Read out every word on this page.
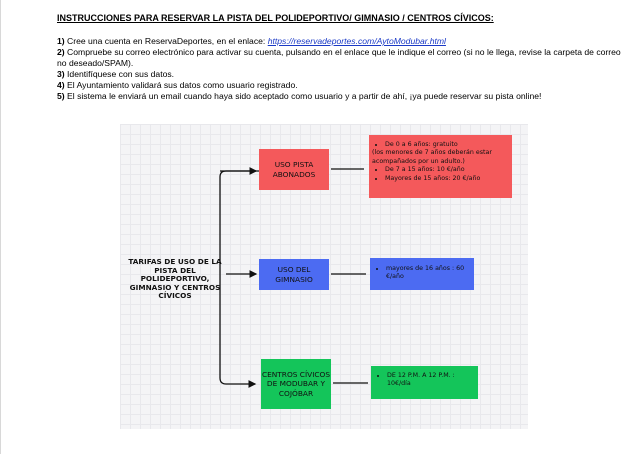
INSTRUCCIONES PARA RESERVAR LA PISTA DEL POLIDEPORTIVO/ GIMNASIO / CENTROS CÍVICOS:

1) Cree una cuenta en ReservaDeportes, en el enlace: https://reservadeportes.com/AytoModubar.html

2) Compruebe su correo electrónico para activar su cuenta, pulsando en el enlace que le indique el correo (si no le llega, revise la carpeta de correo no deseado/SPAM).

3) Identifíquese con sus datos.

4) El Ayuntamiento validará sus datos como usuario registrado.

5) El sistema le enviará un email cuando haya sido aceptado como usuario y a partir de ahí, ¡ya puede reservar su pista online!

TARIFAS DE USO DE LA PISTA DEL POLIDEPORTIVO, GIMNASIO Y CENTROS CÍVICOS
USO PISTA ABONADOS
USO DEL GIMNASIO
CENTROS CÍVICOS DE MODUBAR Y COJÓBAR
• De 0 a 6 años: gratuito
(los menores de 7 años deberán estar acompañados por un adulto.)
• De 7 a 15 años: 10 €/año
• Mayores de 15 años: 20 €/año
• mayores de 16 años : 60 €/año
• DE 12 P.M. A 12 P.M. : 10€/día
